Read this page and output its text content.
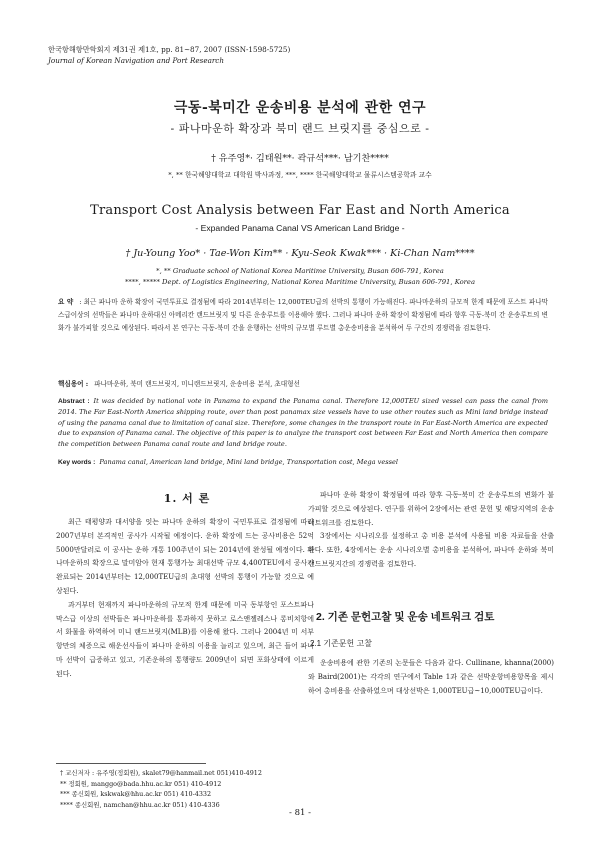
한국항해항만학회지 제31권 제1호, pp. 81~87, 2007 (ISSN-1598-5725)
Journal of Korean Navigation and Port Research
극동-북미간 운송비용 분석에 관한 연구
- 파나마운하 확장과 북미 랜드 브릿지를 중심으로 -
† 유주영*· 김태원**· 곽규석***· 남기찬****
*, ** 한국해양대학교 대학원 박사과정, ***, **** 한국해양대학교 물류시스템공학과 교수
Transport Cost Analysis between Far East and North America
- Expanded Panama Canal VS American Land Bridge -
† Ju-Young Yoo* · Tae-Won Kim** · Kyu-Seok Kwak*** · Ki-Chan Nam****
*, ** Graduate school of National Korea Maritime University, Busan 606-791, Korea
****, ***** Dept. of Logistics Engineering, National Korea Maritime University, Busan 606-791, Korea
요 약 : 최근 파나마 운하 확장이 국민투표로 결정됨에 따라 2014년부터는 12,000TEU급의 선박의 통행이 가능해진다. 파나마운하의 규모적 한계 때문에 포스트 파나막스급이상의 선박들은 파나마 운하대신 아메리칸 랜드브릿지 및 다른 운송루트를 이용해야 했다. 그러나 파나마 운하 확장이 확정됨에 따라 향후 극동-북미 간 운송루트의 변화가 불가피할 것으로 예상된다. 따라서 본 연구는 극동-북미 간을 운행하는 선박의 규모별 루트별 총운송비용을 분석하여 두 구간의 경쟁력을 검토한다.
핵심용어 : 파나마운하, 북미 랜드브릿지, 미니랜드브릿지, 운송비용 분석, 초대형선
Abstract : It was decided by national vote in Panama to expand the Panama canal. Therefore 12,000TEU sized vessel can pass the canal from 2014. The Far East-North America shipping route, over than post panamax size vessels have to use other routes such as Mini land bridge instead of using the panama canal due to limitation of canal size. Therefore, some changes in the transport route in Far East-North America are expected due to expansion of Panama canal. The objective of this paper is to analyze the transport cost between Far East and North America then compare the competition between Panama canal route and land bridge route.
Key words : Panama canal, American land bridge, Mini land bridge, Transportation cost, Mega vessel
1. 서 론

최근 태평양과 대서양을 잇는 파나마 운하의 확장이 국민투표로 결정됨에 따라 2007년부터 본격적인 공사가 시작될 예정이다. 운하 확장에 드는 공사비용은 52억5000만달러로 이 공사는 운하 개통 100주년이 되는 2014년에 완성될 예정이다. 파나마운하의 확장으로 말미암아 현재 통행가능 최대선박 규모 4,400TEU에서 공사가 완료되는 2014년부터는 12,000TEU급의 초대형 선박의 통행이 가능할 것으로 예상된다.

과거부터 현재까지 파나마운하의 규모적 한계 때문에 미국 동부항인 포스트파나막스급 이상의 선박들은 파나마운하를 통과하지 못하고 로스앤젤레스나 롱비치항에서 화물을 하역하여 미니 랜드브릿지(MLB)를 이용해 왔다. 그러나 2004년 미 서부 항만의 체증으로 해운선사들이 파나마 운하의 이용을 늘리고 있으며, 최근 들어 파나마 선박이 급증하고 있고, 기존운하의 통행량도 2009년이 되면 포화상태에 이르게 된다.

파나마 운하 확장이 확정됨에 따라 향후 극동-북미 간 운송루트의 변화가 불가피할 것으로 예상된다. 연구를 위하여 2장에서는 관련 문헌 및 해당지역의 운송 네트워크를 검토한다.

3장에서는 시나리오를 설정하고 총 비용 분석에 사용될 비용 자료들을 산출한다. 또한, 4장에서는 운송 시나리오별 총비용을 분석하여, 파나마 운하와 북미 랜드브릿지간의 경쟁력을 검토한다.

2. 기존 문헌고찰 및 운송 네트워크 검토
2.1 기존문헌 고찰

운송비용에 관한 기존의 논문들은 다음과 같다. Cullinane, khanna(2000)와 Baird(2001)는 각각의 연구에서 Table 1과 같은 선박운항비용항목을 제시하여 총비용을 산출하였으며 대상선박은 1,000TEU급~10,000TEU급이다.

† 교신저자 : 유주영(정회원), skalet79@hanmail.net 051)410-4912
** 정회원, manggo@bada.hhu.ac.kr 051) 410-4912
*** 종신회원, kskwak@hhu.ac.kr 051) 410-4332
**** 종신회원, namchan@hhu.ac.kr 051) 410-4336
- 81 -
